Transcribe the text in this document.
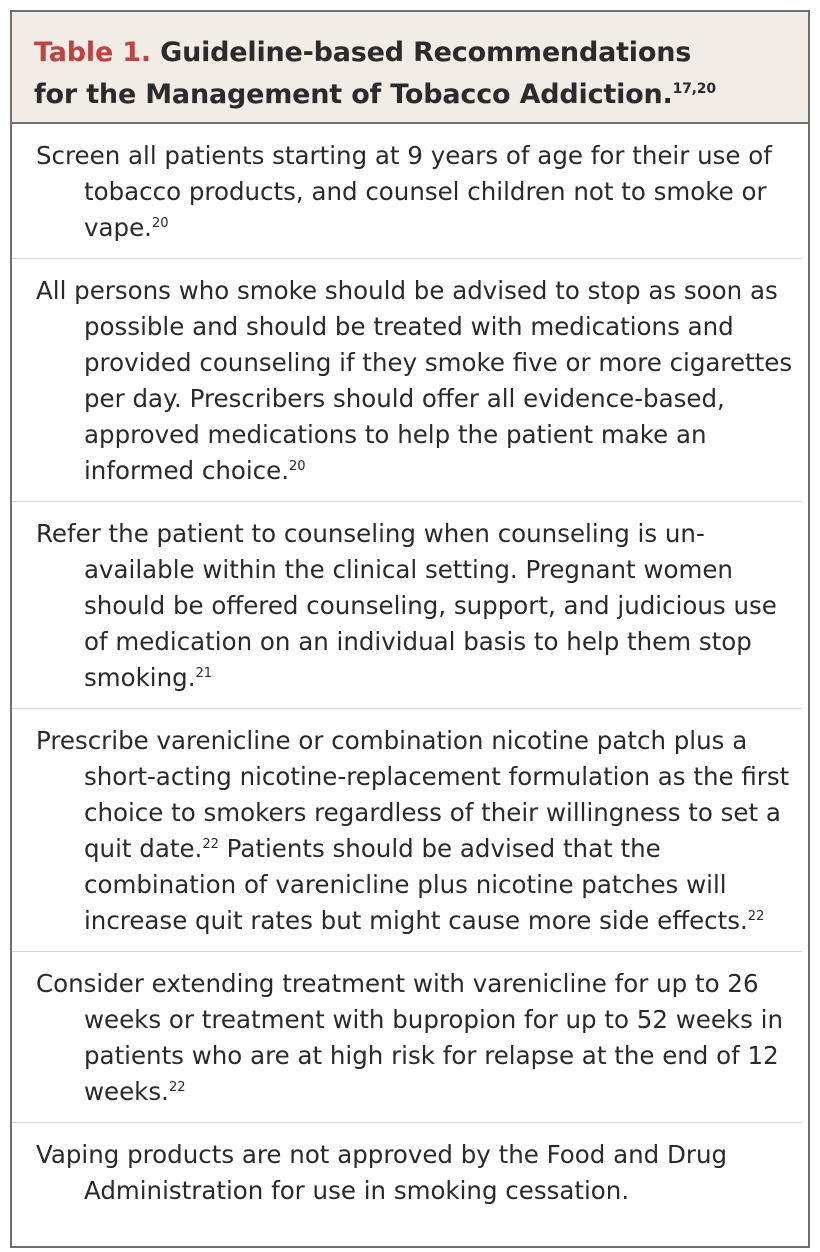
Table 1. Guideline-based Recommendations
for the Management of Tobacco Addiction.$^{17,20}$

Screen all patients starting at 9 years of age for their use of tobacco products, and counsel children not to smoke or vape.$^{20}$

All persons who smoke should be advised to stop as soon as possible and should be treated with medications and provided counseling if they smoke five or more cigarettes per day. Prescribers should offer all evidence-based, approved medications to help the patient make an informed choice.$^{20}$

Refer the patient to counseling when counseling is unavailable within the clinical setting. Pregnant women should be offered counseling, support, and judicious use of medication on an individual basis to help them stop smoking.$^{21}$

Prescribe varenicline or combination nicotine patch plus a short-acting nicotine-replacement formulation as the first choice to smokers regardless of their willingness to set a quit date.$^{22}$ Patients should be advised that the combination of varenicline plus nicotine patches will increase quit rates but might cause more side effects.$^{22}$

Consider extending treatment with varenicline for up to 26 weeks or treatment with bupropion for up to 52 weeks in patients who are at high risk for relapse at the end of 12 weeks.$^{22}$

Vaping products are not approved by the Food and Drug Administration for use in smoking cessation.
